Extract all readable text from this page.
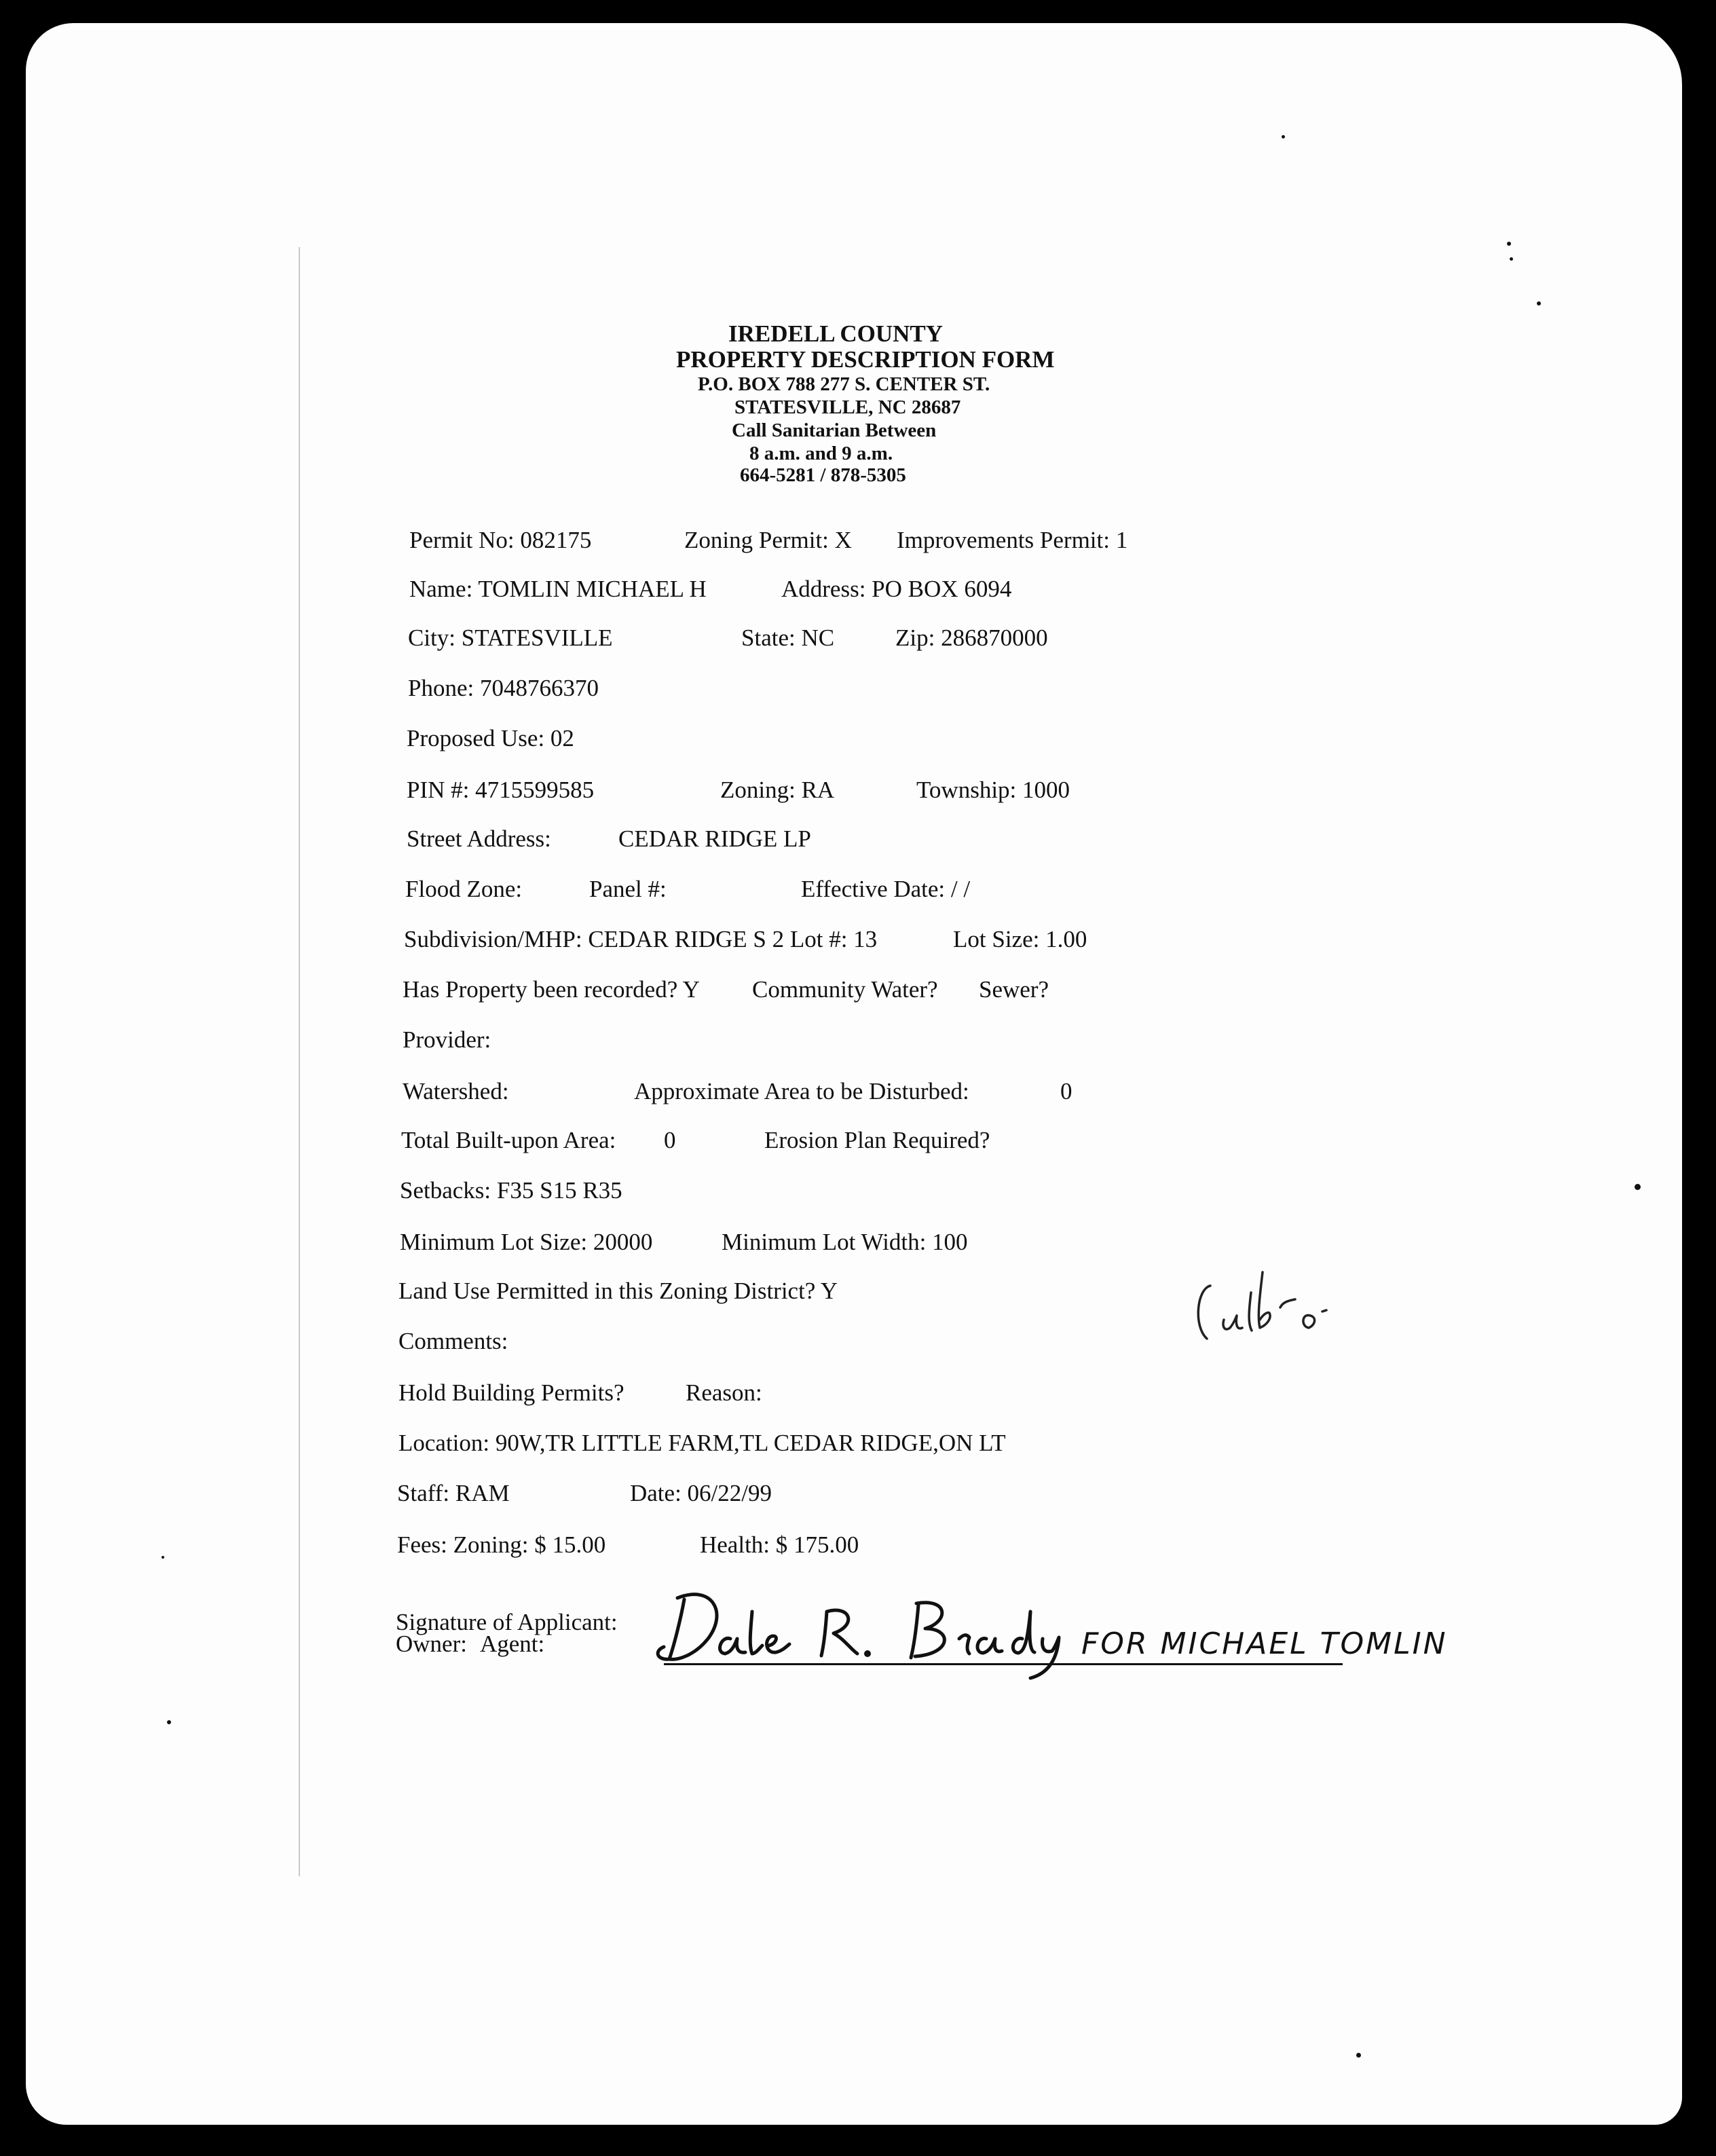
IREDELL COUNTY
PROPERTY DESCRIPTION FORM
P.O. BOX 788 277 S. CENTER ST.
STATESVILLE, NC 28687
Call Sanitarian Between
8 a.m. and 9 a.m.
664-5281 / 878-5305
Permit No: 082175	Zoning Permit: X Improvements Permit: 1
Name: TOMLIN MICHAEL H	Address: PO BOX 6094
City: STATESVILLE	State: NC	Zip: 286870000
Phone: 7048766370
Proposed Use: 02
PIN #: 4715599585	Zoning: RA	Township: 1000
Street Address:	CEDAR RIDGE LP
Flood Zone:	Panel #:	Effective Date: / /
Subdivision/MHP: CEDAR RIDGE S 2 Lot #: 13	Lot Size: 1.00
Has Property been recorded? Y Community Water? Sewer?
Provider:
Watershed:	Approximate Area to be Disturbed:	0
Total Built-upon Area: 0	Erosion Plan Required?
Setbacks: F35 S15 R35
Minimum Lot Size: 20000	Minimum Lot Width: 100
Land Use Permitted in this Zoning District? Y
Comments:
Hold Building Permits?	Reason:
Location: 90W,TR LITTLE FARM,TL CEDAR RIDGE,ON LT
Staff: RAM	Date: 06/22/99
Fees: Zoning: $ 15.00	Health: $ 175.00
Signature of Applicant:
Owner: Agent:	FOR MICHAEL TOMLIN
